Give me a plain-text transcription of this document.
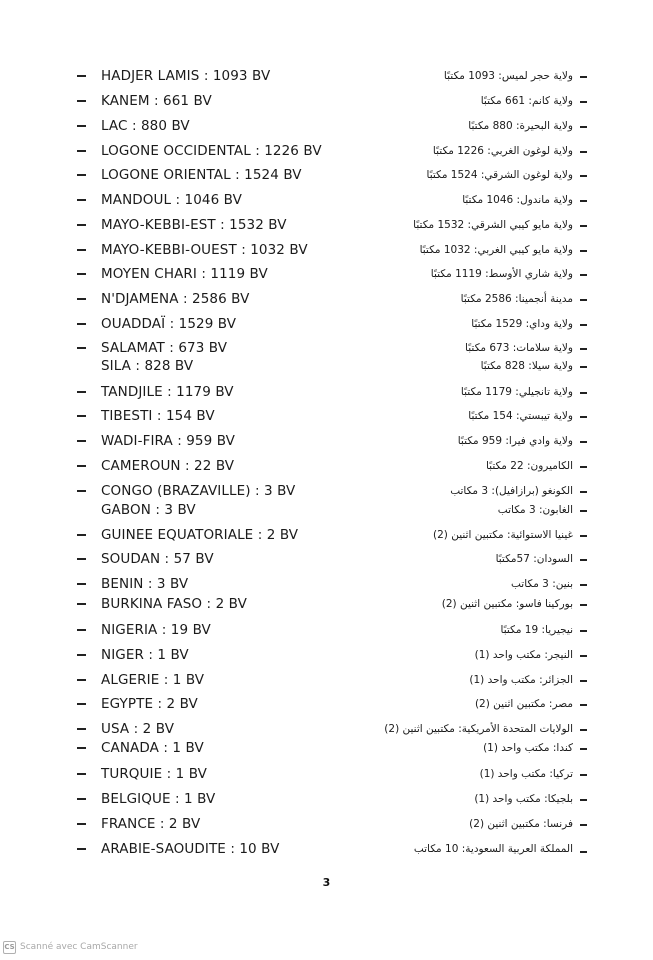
HADJER LAMIS : 1093 BV	ولاية حجر لميس: 1093 مكتبًا
KANEM : 661 BV	ولاية كانم: 661 مكتبًا
LAC : 880 BV	ولاية البحيرة: 880 مكتبًا
LOGONE OCCIDENTAL : 1226 BV	ولاية لوغون الغربي: 1226 مكتبًا
LOGONE ORIENTAL : 1524 BV	ولاية لوغون الشرقي: 1524 مكتبًا
MANDOUL : 1046 BV	ولاية ماندول: 1046 مكتبًا
MAYO-KEBBI-EST : 1532 BV	ولاية مايو كيبي الشرقي: 1532 مكتبًا
MAYO-KEBBI-OUEST : 1032 BV	ولاية مايو كيبي الغربي: 1032 مكتبًا
MOYEN CHARI : 1119 BV	ولاية شاري الأوسط: 1119 مكتبًا
N'DJAMENA : 2586 BV	مدينة أنجمينا: 2586 مكتبًا
OUADDAÏ : 1529 BV	ولاية وداي: 1529 مكتبًا
SALAMAT : 673 BV	ولاية سلامات: 673 مكتبًا
SILA : 828 BV	ولاية سيلا: 828 مكتبًا
TANDJILE : 1179 BV	ولاية تانجيلي: 1179 مكتبًا
TIBESTI : 154 BV	ولاية تيبستي: 154 مكتبًا
WADI-FIRA : 959 BV	ولاية وادي فيرا: 959 مكتبًا
CAMEROUN : 22 BV	الكاميرون: 22 مكتبًا
CONGO (BRAZAVILLE) : 3 BV	الكونغو (برازافيل): 3 مكاتب
GABON : 3 BV	الغابون: 3 مكاتب
GUINEE EQUATORIALE : 2 BV	غينيا الاستوائية: مكتبين اثنين (2)
SOUDAN : 57 BV	السودان: 57مكتبًا
BENIN : 3 BV	بنين: 3 مكاتب
BURKINA FASO : 2 BV	بوركينا فاسو: مكتبين اثنين (2)
NIGERIA : 19 BV	نيجيريا: 19 مكتبًا
NIGER : 1 BV	النيجر: مكتب واحد (1)
ALGERIE : 1 BV	الجزائر: مكتب واحد (1)
EGYPTE : 2 BV	مصر: مكتبين اثنين (2)
USA : 2 BV	الولايات المتحدة الأمريكية: مكتبين اثنين (2)
CANADA : 1 BV	كندا: مكتب واحد (1)
TURQUIE : 1 BV	تركيا: مكتب واحد (1)
BELGIQUE : 1 BV	بلجيكا: مكتب واحد (1)
FRANCE : 2 BV	فرنسا: مكتبين اثنين (2)
ARABIE-SAOUDITE : 10 BV	المملكة العربية السعودية: 10 مكاتب
3
CS Scanné avec CamScanner
